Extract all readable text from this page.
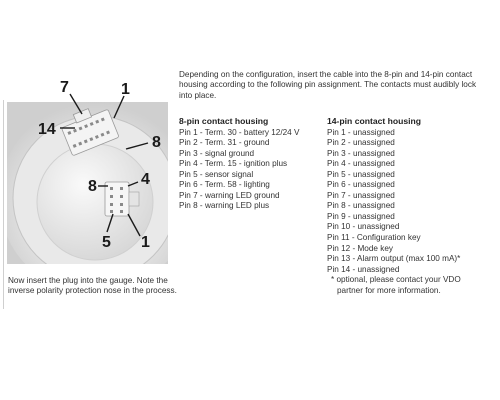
7	1
14
8
8	4
5 1
Now insert the plug into the gauge. Note the inverse polarity protection nose in the process.
Depending on the configuration, insert the cable into the 8-pin and 14-pin contact housing according to the following pin assignment. The contacts must audibly lock into place.
8-pin contact housing
Pin 1 - Term. 30 - battery 12/24 V
Pin 2 - Term. 31 - ground
Pin 3 - signal ground
Pin 4 - Term. 15 - ignition plus
Pin 5 - sensor signal
Pin 6 - Term. 58 - lighting
Pin 7 - warning LED ground
Pin 8 - warning LED plus
14-pin contact housing
Pin 1 - unassigned
Pin 2 - unassigned
Pin 3 - unassigned
Pin 4 - unassigned
Pin 5 - unassigned
Pin 6 - unassigned
Pin 7 - unassigned
Pin 8 - unassigned
Pin 9 - unassigned
Pin 10 - unassigned
Pin 11 - Configuration key
Pin 12 - Mode key
Pin 13 - Alarm output (max 100 mA)*
Pin 14 - unassigned
* optional, please contact your VDO
partner for more information.
